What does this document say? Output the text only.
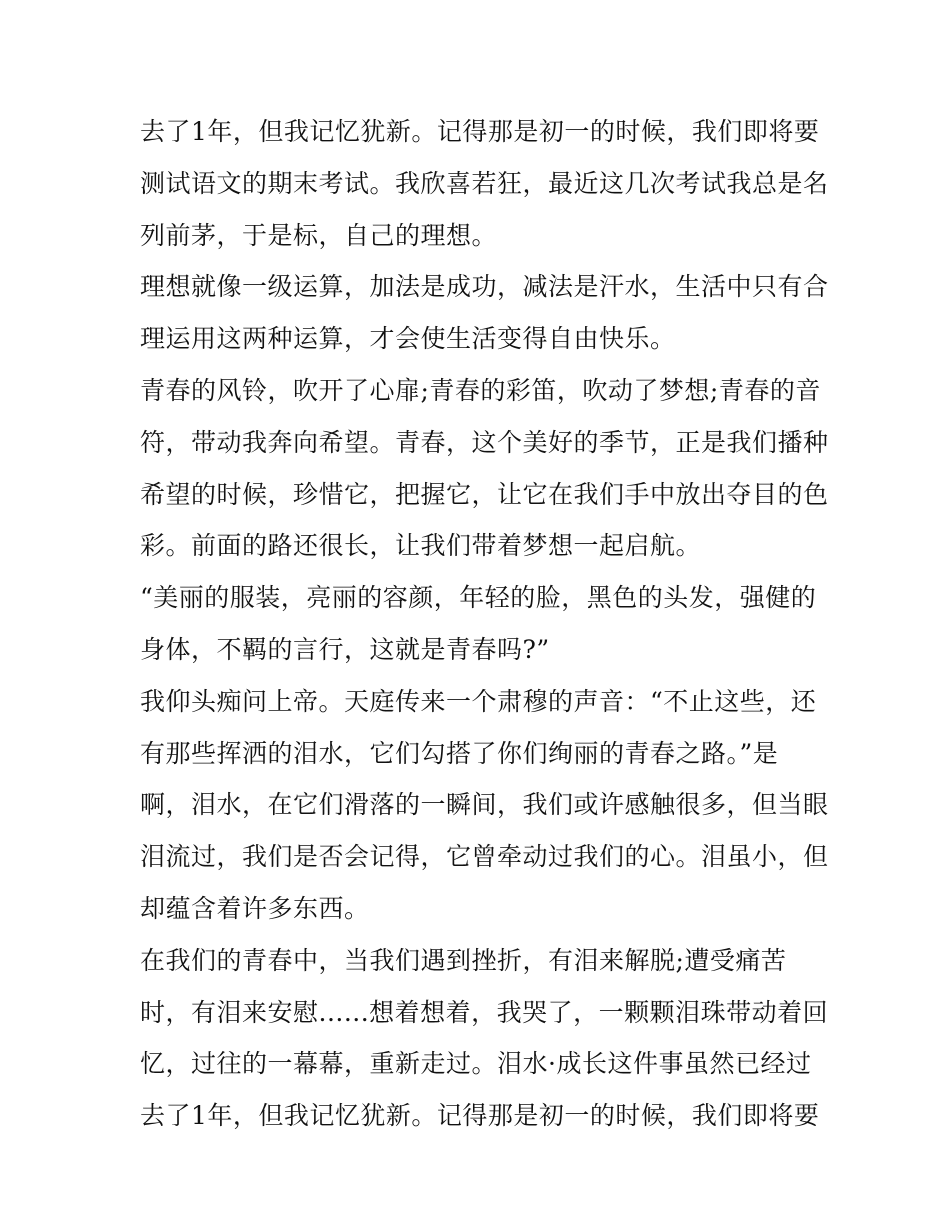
去了1年，但我记忆犹新。记得那是初一的时候，我们即将要
测试语文的期末考试。我欣喜若狂，最近这几次考试我总是名
列前茅，于是标，自己的理想。
理想就像一级运算，加法是成功，减法是汗水，生活中只有合
理运用这两种运算，才会使生活变得自由快乐。
青春的风铃，吹开了心扉;青春的彩笛，吹动了梦想;青春的音
符，带动我奔向希望。青春，这个美好的季节，正是我们播种
希望的时候，珍惜它，把握它，让它在我们手中放出夺目的色
彩。前面的路还很长，让我们带着梦想一起启航。
“美丽的服装，亮丽的容颜，年轻的脸，黑色的头发，强健的
身体，不羁的言行，这就是青春吗?”
我仰头痴问上帝。天庭传来一个肃穆的声音：“不止这些，还
有那些挥洒的泪水，它们勾搭了你们绚丽的青春之路。”是
啊，泪水，在它们滑落的一瞬间，我们或许感触很多，但当眼
泪流过，我们是否会记得，它曾牵动过我们的心。泪虽小，但
却蕴含着许多东西。
在我们的青春中，当我们遇到挫折，有泪来解脱;遭受痛苦
时，有泪来安慰......想着想着，我哭了，一颗颗泪珠带动着回
忆，过往的一幕幕，重新走过。泪水·成长这件事虽然已经过
去了1年，但我记忆犹新。记得那是初一的时候，我们即将要
